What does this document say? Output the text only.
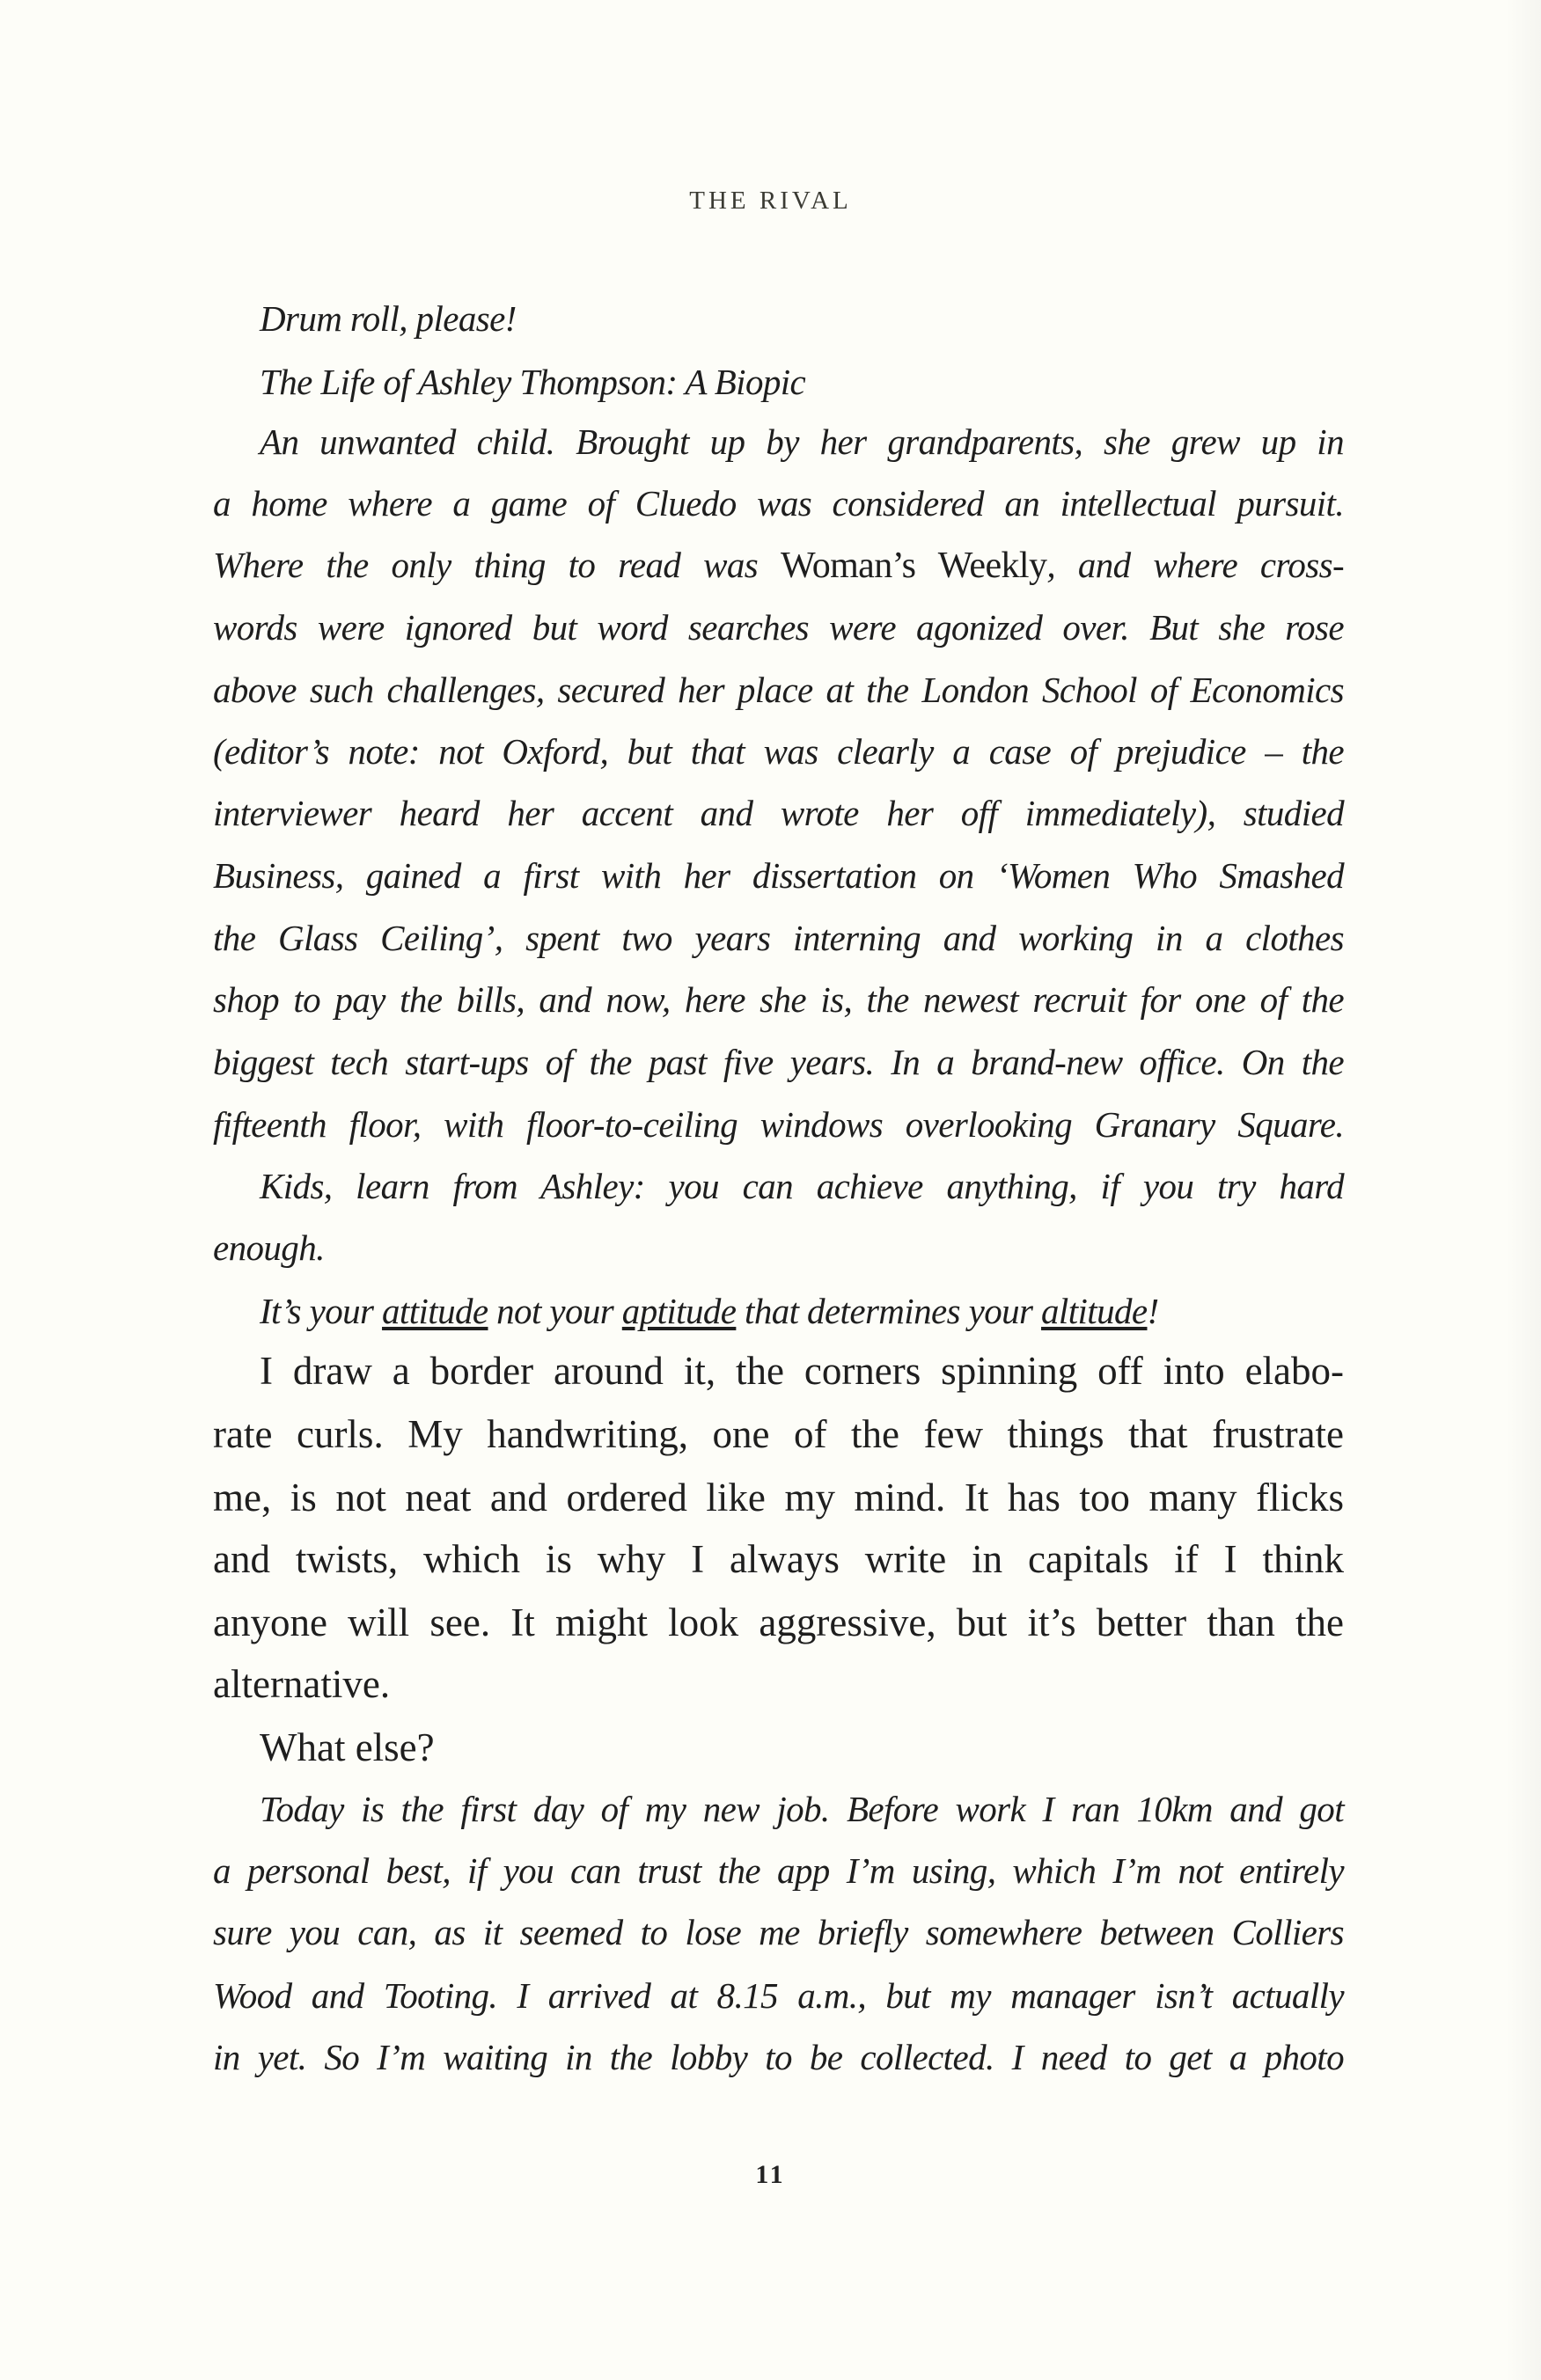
THE RIVAL
Drum roll, please!
The Life of Ashley Thompson: A Biopic
An unwanted child. Brought up by her grandparents, she grew up in
a home where a game of Cluedo was considered an intellectual pursuit.
Where the only thing to read was Woman’s Weekly, and where cross-
words were ignored but word searches were agonized over. But she rose
above such challenges, secured her place at the London School of Economics
(editor’s note: not Oxford, but that was clearly a case of prejudice – the
interviewer heard her accent and wrote her off immediately), studied
Business, gained a first with her dissertation on ‘Women Who Smashed
the Glass Ceiling’, spent two years interning and working in a clothes
shop to pay the bills, and now, here she is, the newest recruit for one of the
biggest tech start-ups of the past five years. In a brand-new office. On the
fifteenth floor, with floor-to-ceiling windows overlooking Granary Square.
Kids, learn from Ashley: you can achieve anything, if you try hard
enough.
It’s your attitude not your aptitude that determines your altitude!
I draw a border around it, the corners spinning off into elabo-
rate curls. My handwriting, one of the few things that frustrate
me, is not neat and ordered like my mind. It has too many flicks
and twists, which is why I always write in capitals if I think
anyone will see. It might look aggressive, but it’s better than the
alternative.
What else?
Today is the first day of my new job. Before work I ran 10km and got
a personal best, if you can trust the app I’m using, which I’m not entirely
sure you can, as it seemed to lose me briefly somewhere between Colliers
Wood and Tooting. I arrived at 8.15 a.m., but my manager isn’t actually
in yet. So I’m waiting in the lobby to be collected. I need to get a photo
11
